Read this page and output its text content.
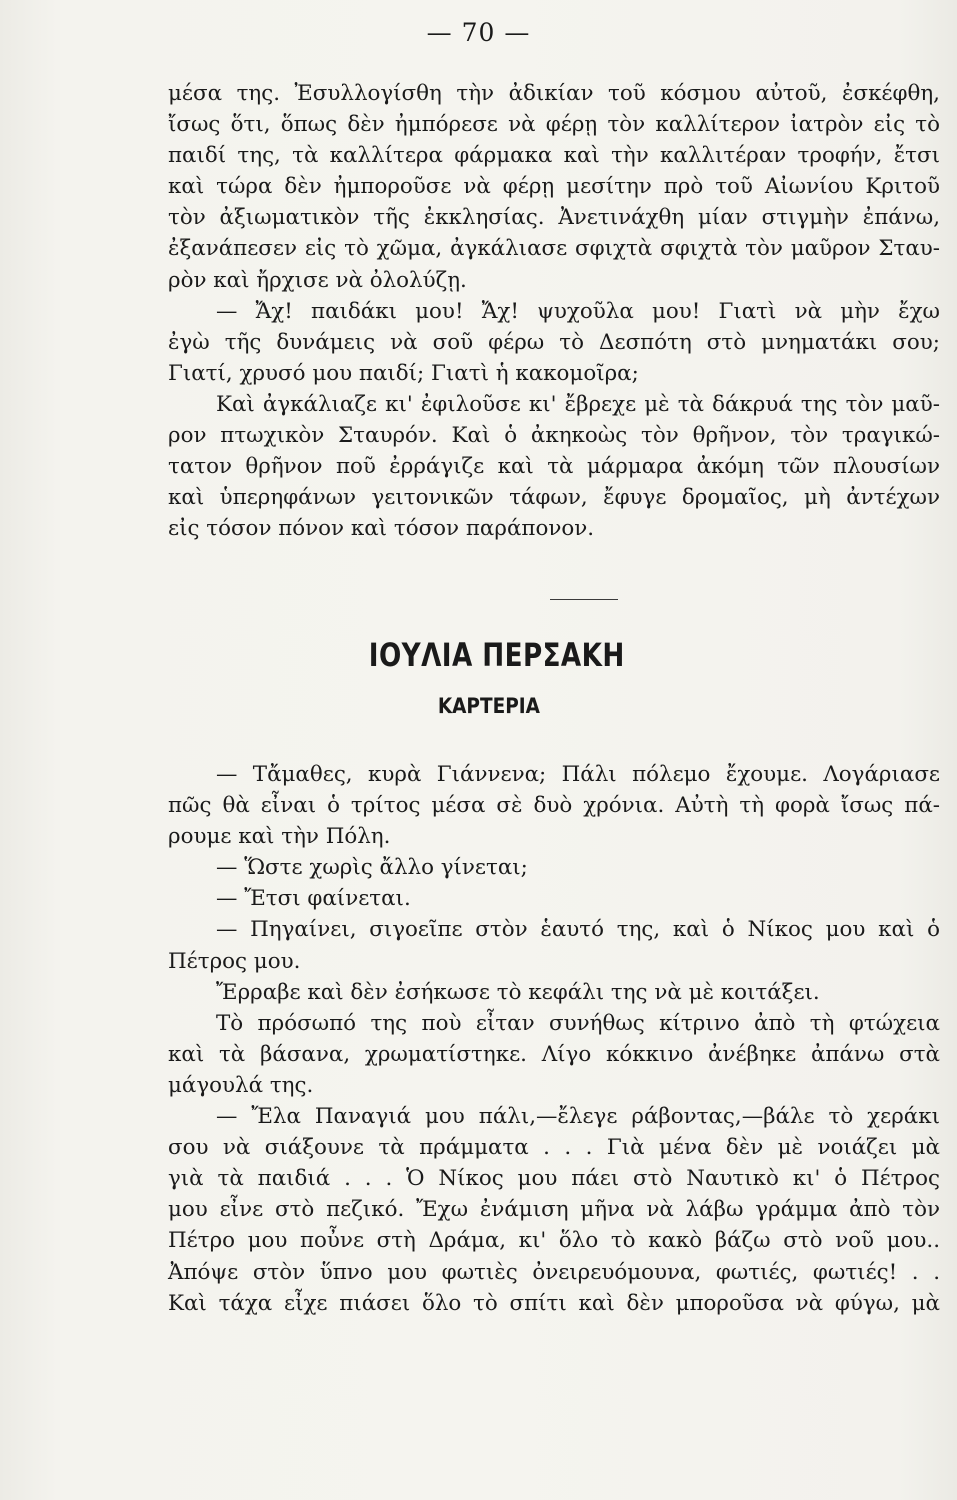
— 70 —
μέσα της. Ἐσυλλογίσθη τὴν ἀδικίαν τοῦ κόσμου αὐτοῦ, ἐσκέφθη,
ἴσως ὅτι, ὅπως δὲν ἠμπόρεσε νὰ φέρῃ τὸν καλλίτερον ἰατρὸν εἰς τὸ
παιδί της, τὰ καλλίτερα φάρμακα καὶ τὴν καλλιτέραν τροφήν, ἔτσι
καὶ τώρα δὲν ἠμποροῦσε νὰ φέρῃ μεσίτην πρὸ τοῦ Αἰωνίου Κριτοῦ
τὸν ἀξιωματικὸν τῆς ἐκκλησίας. Ἀνετινάχθη μίαν στιγμὴν ἐπάνω,
ἐξανάπεσεν εἰς τὸ χῶμα, ἀγκάλιασε σφιχτὰ σφιχτὰ τὸν μαῦρον Σταυ-
ρὸν καὶ ἤρχισε νὰ ὀλολύζῃ.
— Ἄχ! παιδάκι μου! Ἄχ! ψυχοῦλα μου! Γιατὶ νὰ μὴν ἔχω
ἐγὼ τῆς δυνάμεις νὰ σοῦ φέρω τὸ Δεσπότη στὸ μνηματάκι σου;
Γιατί, χρυσό μου παιδί; Γιατὶ ἡ κακομοῖρα;
Καὶ ἀγκάλιαζε κι' ἐφιλοῦσε κι' ἔβρεχε μὲ τὰ δάκρυά της τὸν μαῦ-
ρον πτωχικὸν Σταυρόν. Καὶ ὁ ἀκηκοὼς τὸν θρῆνον, τὸν τραγικώ-
τατον θρῆνον ποῦ ἐρράγιζε καὶ τὰ μάρμαρα ἀκόμη τῶν πλουσίων
καὶ ὑπερηφάνων γειτονικῶν τάφων, ἔφυγε δρομαῖος, μὴ ἀντέχων
εἰς τόσον πόνον καὶ τόσον παράπονον.
ΙΟΥΛΙΑ ΠΕΡΣΑΚΗ
ΚΑΡΤΕΡΙΑ
— Τἄμαθες, κυρὰ Γιάννενα; Πάλι πόλεμο ἔχουμε. Λογάριασε
πῶς θὰ εἶναι ὁ τρίτος μέσα σὲ δυὸ χρόνια. Αὐτὴ τὴ φορὰ ἴσως πά-
ρουμε καὶ τὴν Πόλη.
— Ὥστε χωρὶς ἄλλο γίνεται;
— Ἔτσι φαίνεται.
— Πηγαίνει, σιγοεῖπε στὸν ἑαυτό της, καὶ ὁ Νίκος μου καὶ ὁ
Πέτρος μου.
Ἔρραβε καὶ δὲν ἐσήκωσε τὸ κεφάλι της νὰ μὲ κοιτάξει.
Τὸ πρόσωπό της ποὺ εἶταν συνήθως κίτρινο ἀπὸ τὴ φτώχεια
καὶ τὰ βάσανα, χρωματίστηκε. Λίγο κόκκινο ἀνέβηκε ἀπάνω στὰ
μάγουλά της.
— Ἔλα Παναγιά μου πάλι,—ἔλεγε ράβοντας,—βάλε τὸ χεράκι
σου νὰ σιάξουνε τὰ πράμματα . . . Γιὰ μένα δὲν μὲ νοιάζει μὰ
γιὰ τὰ παιδιά . . . Ὁ Νίκος μου πάει στὸ Ναυτικὸ κι' ὁ Πέτρος
μου εἶνε στὸ πεζικό. Ἔχω ἐνάμιση μῆνα νὰ λάβω γράμμα ἀπὸ τὸν
Πέτρο μου ποὖνε στὴ Δράμα, κι' ὅλο τὸ κακὸ βάζω στὸ νοῦ μου..
Ἀπόψε στὸν ὕπνο μου φωτιὲς ὀνειρευόμουνα, φωτιές, φωτιές! . .
Καὶ τάχα εἶχε πιάσει ὅλο τὸ σπίτι καὶ δὲν μποροῦσα νὰ φύγω, μὰ
